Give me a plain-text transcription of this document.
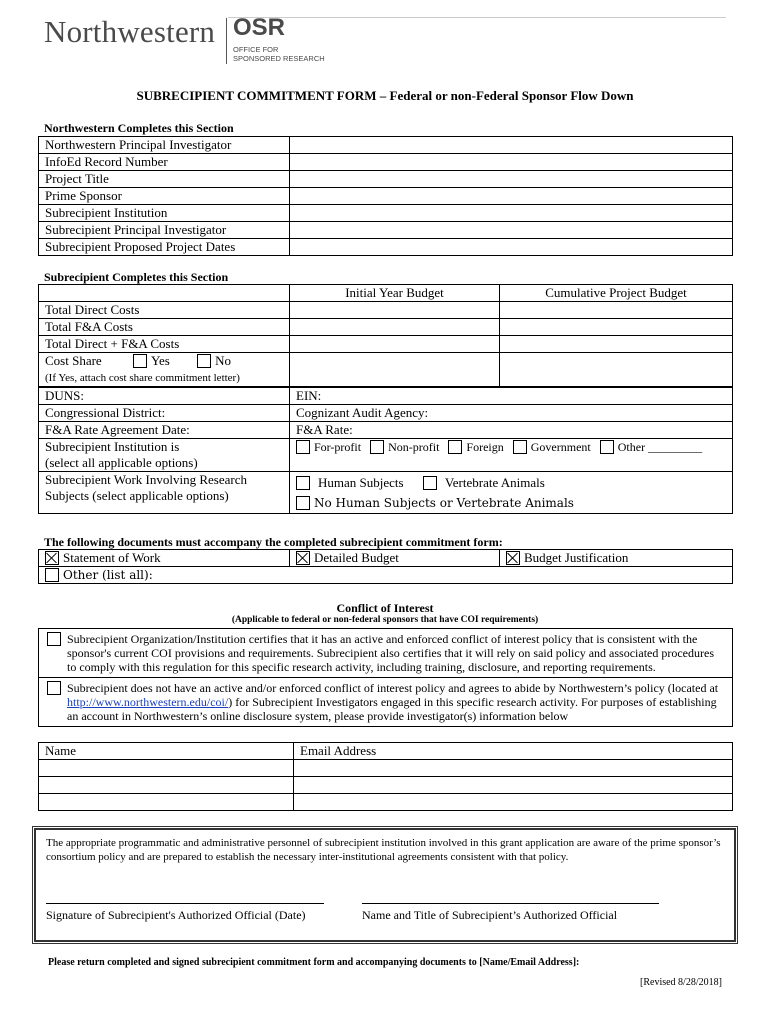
Northwestern OSR
OFFICE FOR
SPONSORED RESEARCH
SUBRECIPIENT COMMITMENT FORM – Federal or non-Federal Sponsor Flow Down
Northwestern Completes this Section
Northwestern Principal Investigator	
InfoEd Record Number	
Project Title	
Prime Sponsor	
Subrecipient Institution	
Subrecipient Principal Investigator	
Subrecipient Proposed Project Dates	
Subrecipient Completes this Section
	Initial Year Budget	Cumulative Project Budget
Total Direct Costs		
Total F&A Costs		
Total Direct + F&A Costs		
Cost Share Yes No
(If Yes, attach cost share commitment letter)		
DUNS:	EIN:
Congressional District:	Cognizant Audit Agency:
F&A Rate Agreement Date:	F&A Rate:
Subrecipient Institution is
(select all applicable options)	For-profit Non-profit Foreign Government Other _________
Subrecipient Work Involving Research
Subjects (select applicable options)	Human Subjects Vertebrate Animals
No Human Subjects or Vertebrate Animals
The following documents must accompany the completed subrecipient commitment form:
Statement of Work	Detailed Budget	Budget Justification
Other (list all):
Conflict of Interest
(Applicable to federal or non-federal sponsors that have COI requirements)
Subrecipient Organization/Institution certifies that it has an active and enforced conflict of interest policy that is consistent with the sponsor's current COI provisions and requirements. Subrecipient also certifies that it will rely on said policy and associated procedures to comply with this regulation for this specific research activity, including training, disclosure, and reporting requirements.

Subrecipient does not have an active and/or enforced conflict of interest policy and agrees to abide by Northwestern’s policy (located at http://www.northwestern.edu/coi/) for Subrecipient Investigators engaged in this specific research activity. For purposes of establishing an account in Northwestern’s online disclosure system, please provide investigator(s) information below
Name	Email Address

The appropriate programmatic and administrative personnel of subrecipient institution involved in this grant application are aware of the prime sponsor’s consortium policy and are prepared to establish the necessary inter-institutional agreements consistent with that policy.
Signature of Subrecipient's Authorized Official (Date)	Name and Title of Subrecipient’s Authorized Official
Please return completed and signed subrecipient commitment form and accompanying documents to [Name/Email Address]:
[Revised 8/28/2018]
